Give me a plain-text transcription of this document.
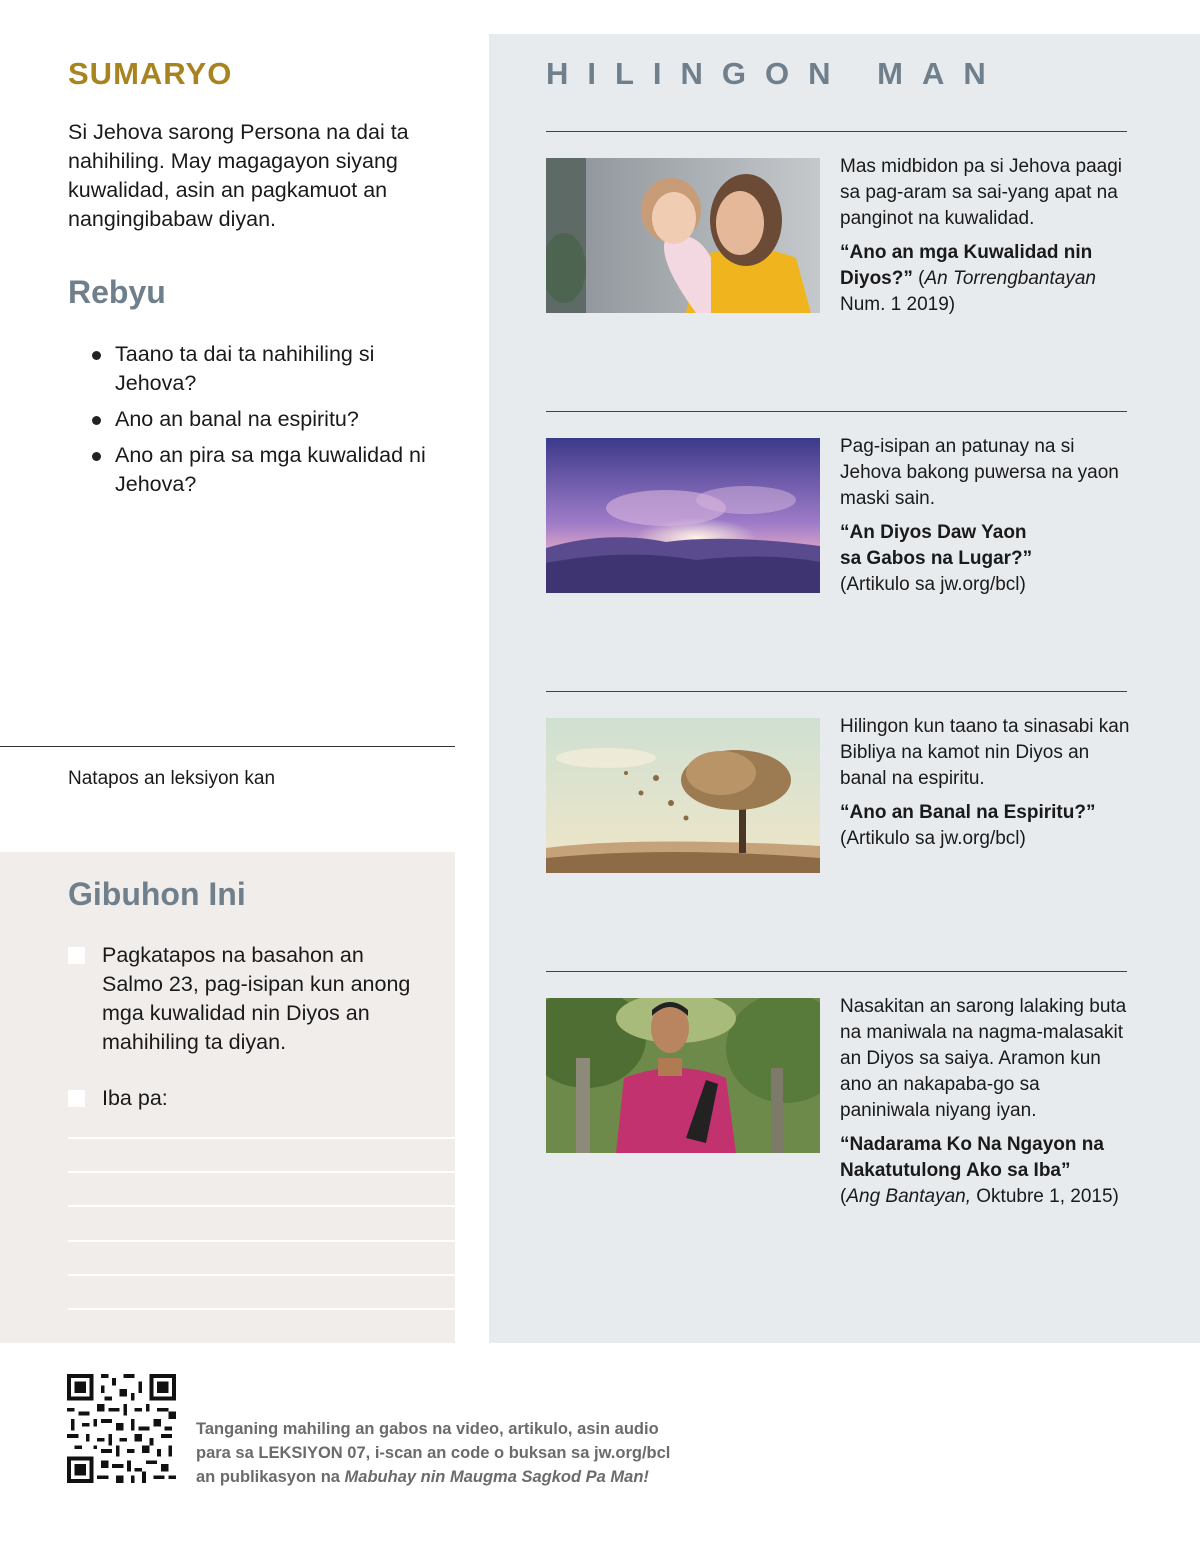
SUMARYO
Si Jehova sarong Persona na dai ta nahihiling. May magagayon siyang kuwalidad, asin an pagkamuot an nangingibabaw diyan.
Rebyu
Taano ta dai ta nahihiling si Jehova?
Ano an banal na espiritu?
Ano an pira sa mga kuwalidad ni Jehova?
Natapos an leksiyon kan
Gibuhon Ini
Pagkatapos na basahon an Salmo 23, pag-isipan kun anong mga kuwalidad nin Diyos an mahihiling ta diyan.
Iba pa:
HILINGON MAN
Mas midbidon pa si Jehova paagi sa pag-aram sa sai-yang apat na panginot na kuwalidad.
“Ano an mga Kuwalidad nin Diyos?” (An Torrengbantayan
Num. 1 2019)
Pag-isipan an patunay na si Jehova bakong puwersa na yaon maski sain.
“An Diyos Daw Yaon sa Gabos na Lugar?”
(Artikulo sa jw.org/bcl)
Hilingon kun taano ta sinasabi kan Bibliya na kamot nin Diyos an banal na espiritu.
“Ano an Banal na Espiritu?”
(Artikulo sa jw.org/bcl)
Nasakitan an sarong lalaking buta na maniwala na nagma-malasakit an Diyos sa saiya. Aramon kun ano an nakapaba-go sa paniniwala niyang iyan.
“Nadarama Ko Na Ngayon na Nakatutulong Ako sa Iba”
(Ang Bantayan, Oktubre 1, 2015)
Tanganing mahiling an gabos na video, artikulo, asin audio
para sa LEKSIYON 07, i-scan an code o buksan sa jw.org/bcl
an publikasyon na Mabuhay nin Maugma Sagkod Pa Man!
